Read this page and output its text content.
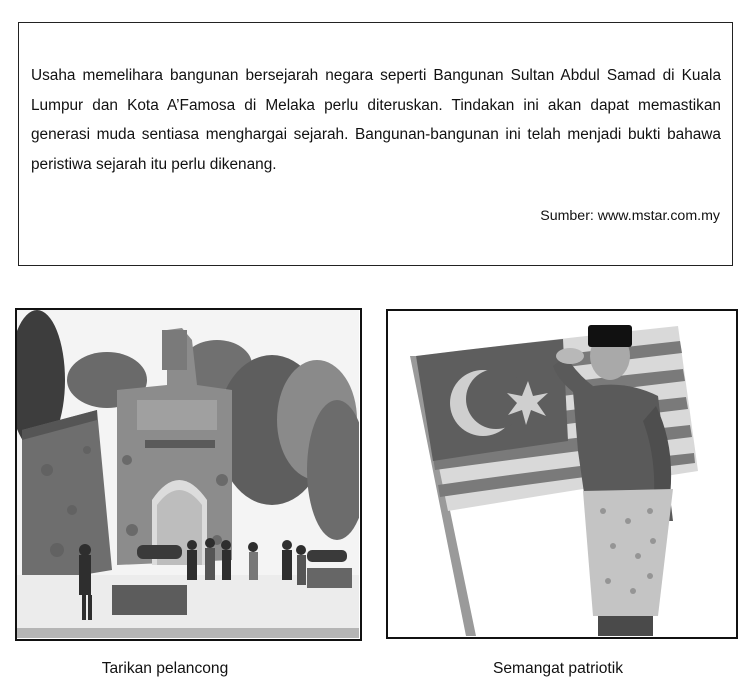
Usaha memelihara bangunan bersejarah negara seperti Bangunan Sultan Abdul Samad di Kuala Lumpur dan Kota A’Famosa di Melaka perlu diteruskan. Tindakan ini akan dapat memastikan generasi muda sentiasa menghargai sejarah. Bangunan-bangunan ini telah menjadi bukti bahawa peristiwa sejarah itu perlu dikenang.
Sumber: www.mstar.com.my
Tarikan pelancong	Semangat patriotik
